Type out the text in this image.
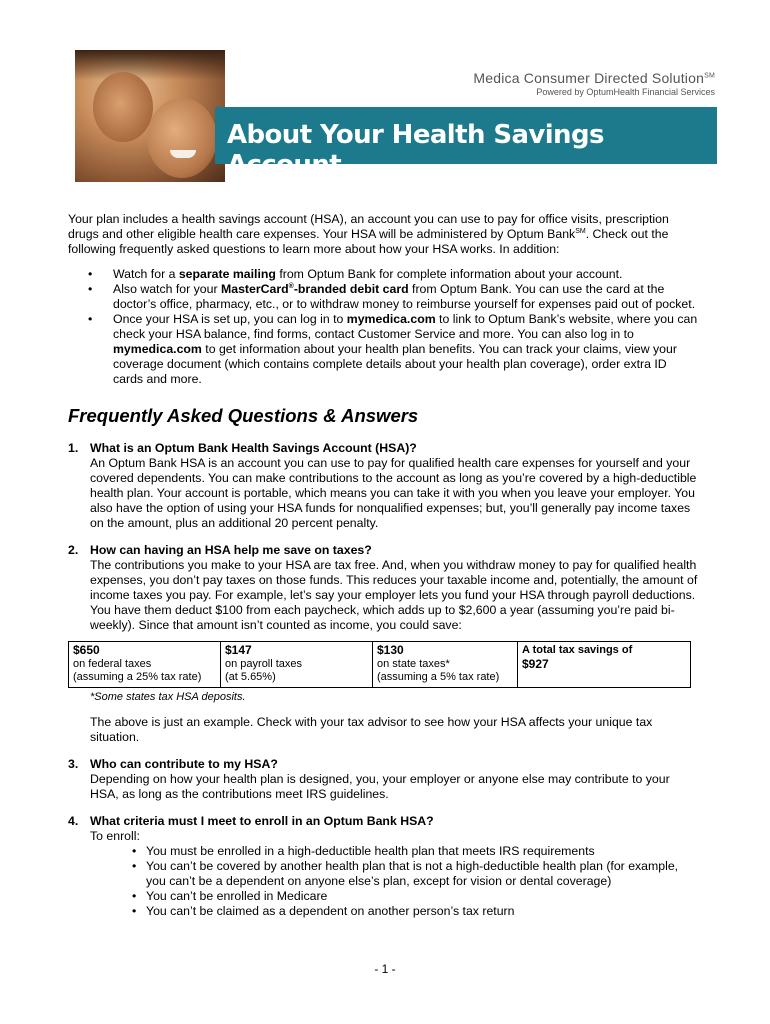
Medica Consumer Directed Solution℠
Powered by OptumHealth Financial Services
About Your Health Savings Account

Your plan includes a health savings account (HSA), an account you can use to pay for office visits, prescription drugs and other eligible health care expenses. Your HSA will be administered by Optum Bank℠. Check out the following frequently asked questions to learn more about how your HSA works. In addition:

• Watch for a separate mailing from Optum Bank for complete information about your account.
• Also watch for your MasterCard®-branded debit card from Optum Bank. You can use the card at the doctor’s office, pharmacy, etc., or to withdraw money to reimburse yourself for expenses paid out of pocket.
• Once your HSA is set up, you can log in to mymedica.com to link to Optum Bank’s website, where you can check your HSA balance, find forms, contact Customer Service and more. You can also log in to mymedica.com to get information about your health plan benefits. You can track your claims, view your coverage document (which contains complete details about your health plan coverage), order extra ID cards and more.
Frequently Asked Questions & Answers
1. What is an Optum Bank Health Savings Account (HSA)?

An Optum Bank HSA is an account you can use to pay for qualified health care expenses for yourself and your covered dependents. You can make contributions to the account as long as you’re covered by a high-deductible health plan. Your account is portable, which means you can take it with you when you leave your employer. You also have the option of using your HSA funds for nonqualified expenses; but, you’ll generally pay income taxes on the amount, plus an additional 20 percent penalty.

2. How can having an HSA help me save on taxes?

The contributions you make to your HSA are tax free. And, when you withdraw money to pay for qualified health expenses, you don’t pay taxes on those funds. This reduces your taxable income and, potentially, the amount of income taxes you pay. For example, let’s say your employer lets you fund your HSA through payroll deductions. You have them deduct $100 from each paycheck, which adds up to $2,600 a year (assuming you’re paid bi-weekly). Since that amount isn’t counted as income, you could save:

$650
on federal taxes
(assuming a 25% tax rate)

$147
on payroll taxes
(at 5.65%)

$130
on state taxes*
(assuming a 5% tax rate)

A total tax savings of
$927
*Some states tax HSA deposits.

The above is just an example. Check with your tax advisor to see how your HSA affects your unique tax situation.

3. Who can contribute to my HSA?

Depending on how your health plan is designed, you, your employer or anyone else may contribute to your HSA, as long as the contributions meet IRS guidelines.

4. What criteria must I meet to enroll in an Optum Bank HSA?

To enroll:

• You must be enrolled in a high-deductible health plan that meets IRS requirements
• You can’t be covered by another health plan that is not a high-deductible health plan (for example, you can’t be a dependent on anyone else’s plan, except for vision or dental coverage)
• You can’t be enrolled in Medicare
• You can’t be claimed as a dependent on another person’s tax return
- 1 -
